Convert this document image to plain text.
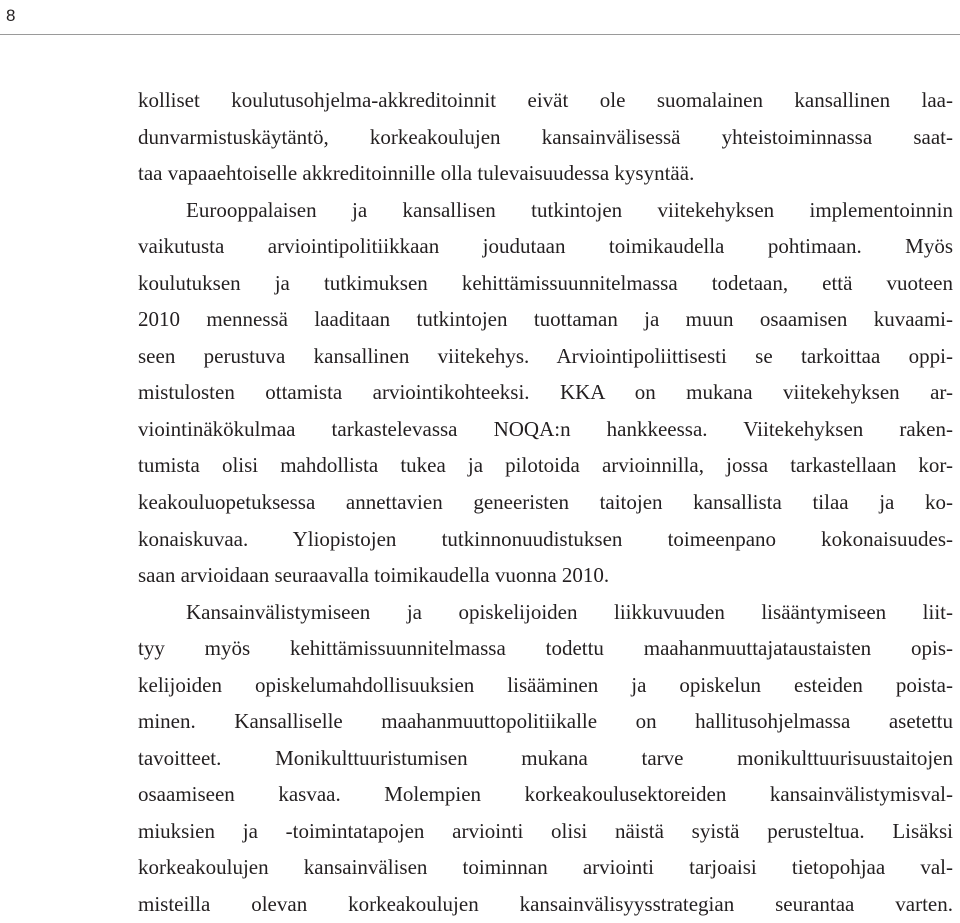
8
kolliset koulutusohjelma-akkreditoinnit eivät ole suomalainen kansallinen laa-
dunvarmistuskäytäntö, korkeakoulujen kansainvälisessä yhteistoiminnassa saat-
taa vapaaehtoiselle akkreditoinnille olla tulevaisuudessa kysyntää.
Eurooppalaisen ja kansallisen tutkintojen viitekehyksen implementoinnin
vaikutusta arviointipolitiikkaan joudutaan toimikaudella pohtimaan. Myös
koulutuksen ja tutkimuksen kehittämissuunnitelmassa todetaan, että vuoteen
2010 mennessä laaditaan tutkintojen tuottaman ja muun osaamisen kuvaami-
seen perustuva kansallinen viitekehys. Arviointipoliittisesti se tarkoittaa oppi-
mistulosten ottamista arviointikohteeksi. KKA on mukana viitekehyksen ar-
viointinäkökulmaa tarkastelevassa NOQA:n hankkeessa. Viitekehyksen raken-
tumista olisi mahdollista tukea ja pilotoida arvioinnilla, jossa tarkastellaan kor-
keakouluopetuksessa annettavien geneeristen taitojen kansallista tilaa ja ko-
konaiskuvaa. Yliopistojen tutkinnonuudistuksen toimeenpano kokonaisuudes-
saan arvioidaan seuraavalla toimikaudella vuonna 2010.
Kansainvälistymiseen ja opiskelijoiden liikkuvuuden lisääntymiseen liit-
tyy myös kehittämissuunnitelmassa todettu maahanmuuttajataustaisten opis-
kelijoiden opiskelumahdollisuuksien lisääminen ja opiskelun esteiden poista-
minen. Kansalliselle maahanmuuttopolitiikalle on hallitusohjelmassa asetettu
tavoitteet. Monikulttuuristumisen mukana tarve monikulttuurisuustaitojen
osaamiseen kasvaa. Molempien korkeakoulusektoreiden kansainvälistymisval-
miuksien ja -toimintatapojen arviointi olisi näistä syistä perusteltua. Lisäksi
korkeakoulujen kansainvälisen toiminnan arviointi tarjoaisi tietopohjaa val-
misteilla olevan korkeakoulujen kansainvälisyysstrategian seurantaa varten.
